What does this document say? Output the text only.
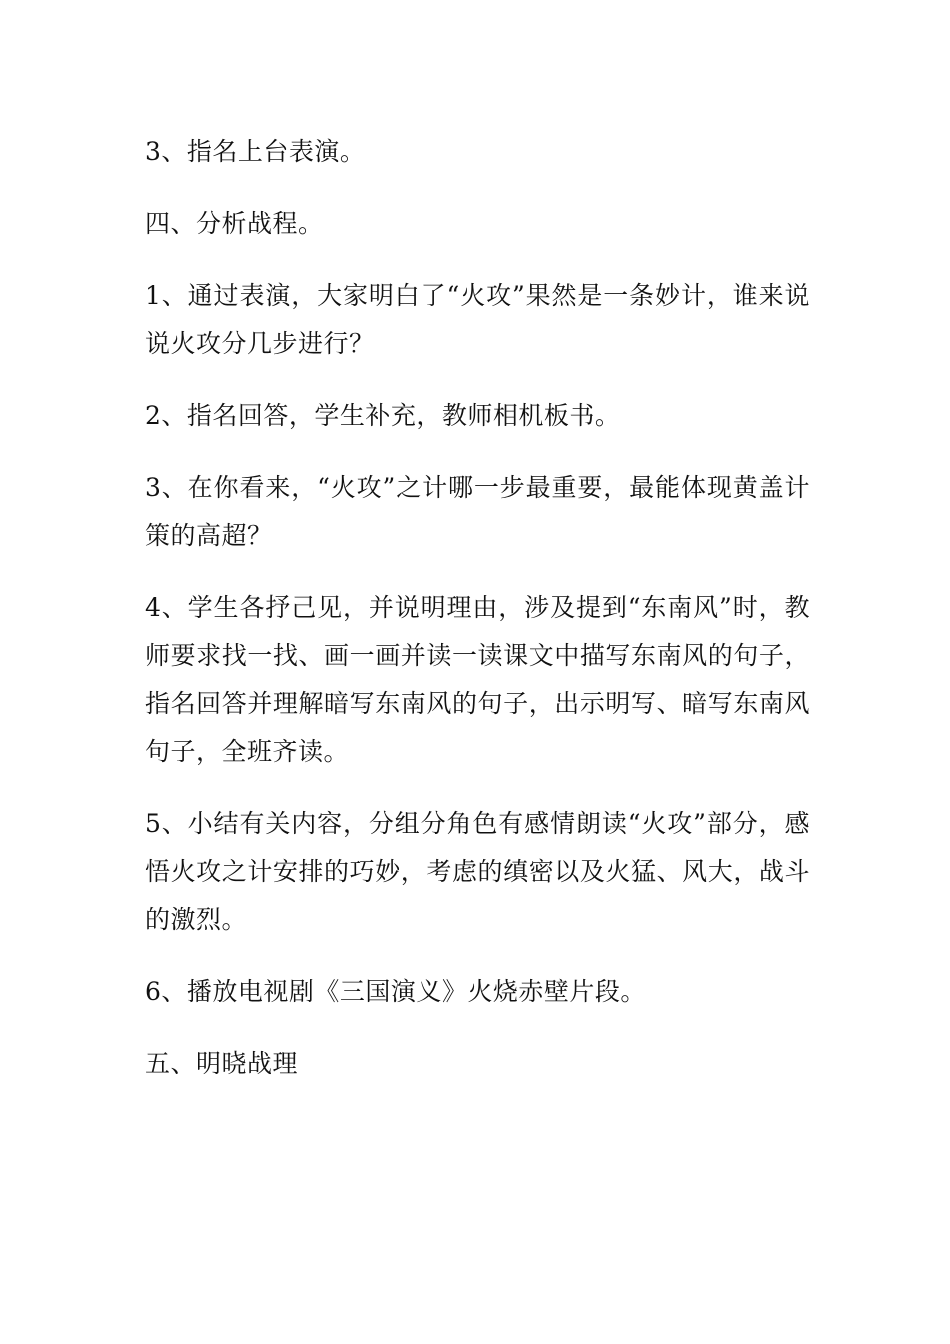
3、指名上台表演。

四、分析战程。

1、通过表演，大家明白了“火攻”果然是一条妙计，谁来说说火攻分几步进行？

2、指名回答，学生补充，教师相机板书。

3、在你看来，“火攻”之计哪一步最重要，最能体现黄盖计策的高超？

4、学生各抒己见，并说明理由，涉及提到“东南风”时，教师要求找一找、画一画并读一读课文中描写东南风的句子，指名回答并理解暗写东南风的句子，出示明写、暗写东南风句子，全班齐读。

5、小结有关内容，分组分角色有感情朗读“火攻”部分，感悟火攻之计安排的巧妙，考虑的缜密以及火猛、风大，战斗的激烈。

6、播放电视剧《三国演义》火烧赤壁片段。

五、明晓战理
